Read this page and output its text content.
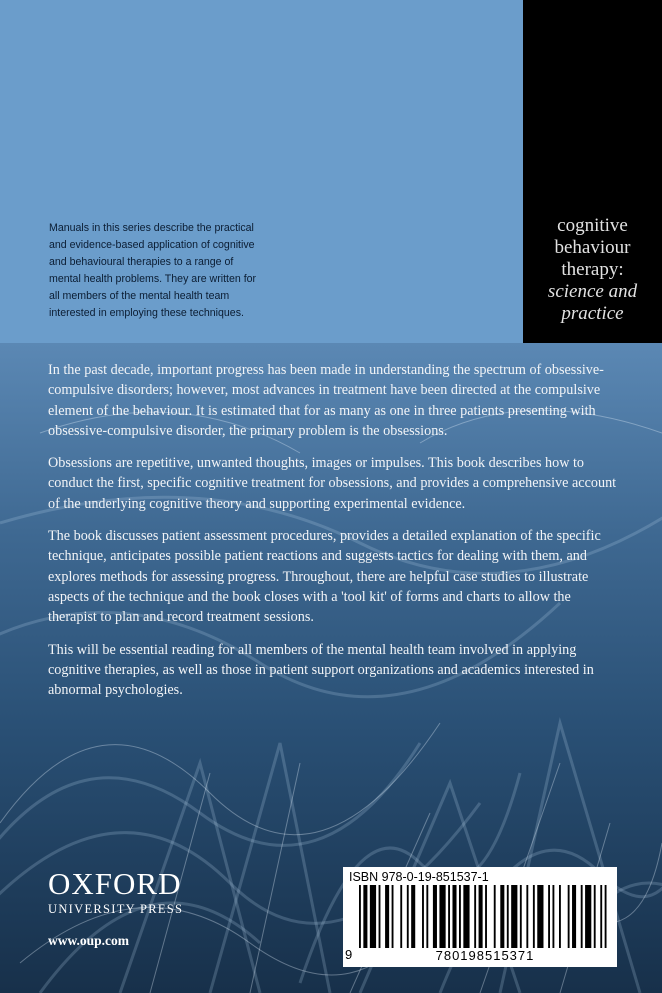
Manuals in this series describe the practical and evidence-based application of cognitive and behavioural therapies to a range of mental health problems. They are written for all members of the mental health team interested in employing these techniques.
cognitive
behaviour
therapy:
science and
practice

In the past decade, important progress has been made in understanding the spectrum of obsessive-compulsive disorders; however, most advances in treatment have been directed at the compulsive element of the behaviour. It is estimated that for as many as one in three patients presenting with obsessive-compulsive disorder, the primary problem is the obsessions.

Obsessions are repetitive, unwanted thoughts, images or impulses. This book describes how to conduct the first, specific cognitive treatment for obsessions, and provides a comprehensive account of the underlying cognitive theory and supporting experimental evidence.

The book discusses patient assessment procedures, provides a detailed explanation of the specific technique, anticipates possible patient reactions and suggests tactics for dealing with them, and explores methods for assessing progress. Throughout, there are helpful case studies to illustrate aspects of the technique and the book closes with a 'tool kit' of forms and charts to allow the therapist to plan and record treatment sessions.

This will be essential reading for all members of the mental health team involved in applying cognitive therapies, as well as those in patient support organizations and academics interested in abnormal psychologies.

OXFORD
UNIVERSITY PRESS
www.oup.com
ISBN 978-0-19-851537-1
9	780198515371
